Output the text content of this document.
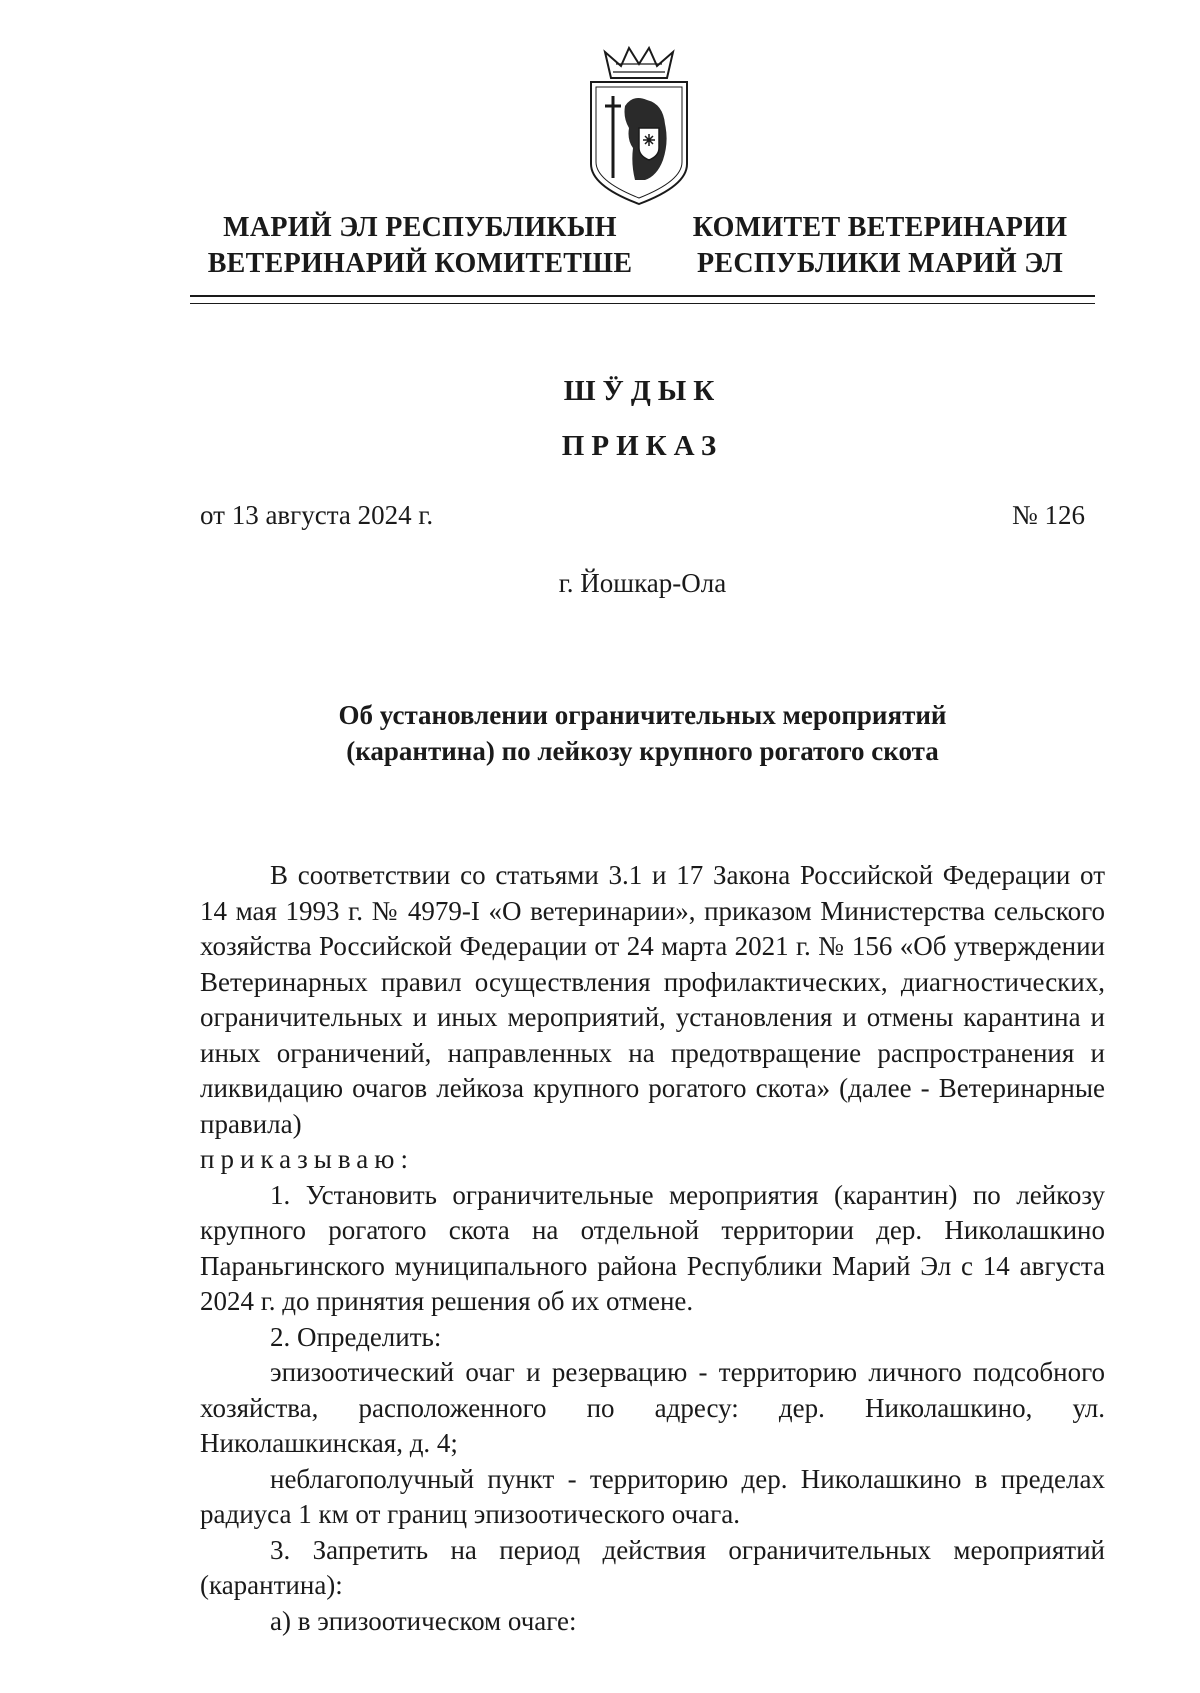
МАРИЙ ЭЛ РЕСПУБЛИКЫН
ВЕТЕРИНАРИЙ КОМИТЕТШЕ
КОМИТЕТ ВЕТЕРИНАРИИ
РЕСПУБЛИКИ МАРИЙ ЭЛ
ШӰДЫК
ПРИКАЗ
от 13 августа 2024 г.	№ 126
г. Йошкар-Ола
Об установлении ограничительных мероприятий
(карантина) по лейкозу крупного рогатого скота

В соответствии со статьями 3.1 и 17 Закона Российской Федерации от 14 мая 1993 г. № 4979-I «О ветеринарии», приказом Министерства сельского хозяйства Российской Федерации от 24 марта 2021 г. № 156 «Об утверждении Ветеринарных правил осуществления профилактических, диагностических, ограничительных и иных мероприятий, установления и отмены карантина и иных ограничений, направленных на предотвращение распространения и ликвидацию очагов лейкоза крупного рогатого скота» (далее - Ветеринарные правила)

приказываю:

1. Установить ограничительные мероприятия (карантин) по лейкозу крупного рогатого скота на отдельной территории дер. Николашкино Параньгинского муниципального района Республики Марий Эл с 14 августа 2024 г. до принятия решения об их отмене.

2. Определить:

эпизоотический очаг и резервацию - территорию личного подсобного хозяйства, расположенного по адресу: дер. Николашкино, ул. Николашкинская, д. 4;

неблагополучный пункт - территорию дер. Николашкино в пределах радиуса 1 км от границ эпизоотического очага.

3. Запретить на период действия ограничительных мероприятий (карантина):

а) в эпизоотическом очаге:
